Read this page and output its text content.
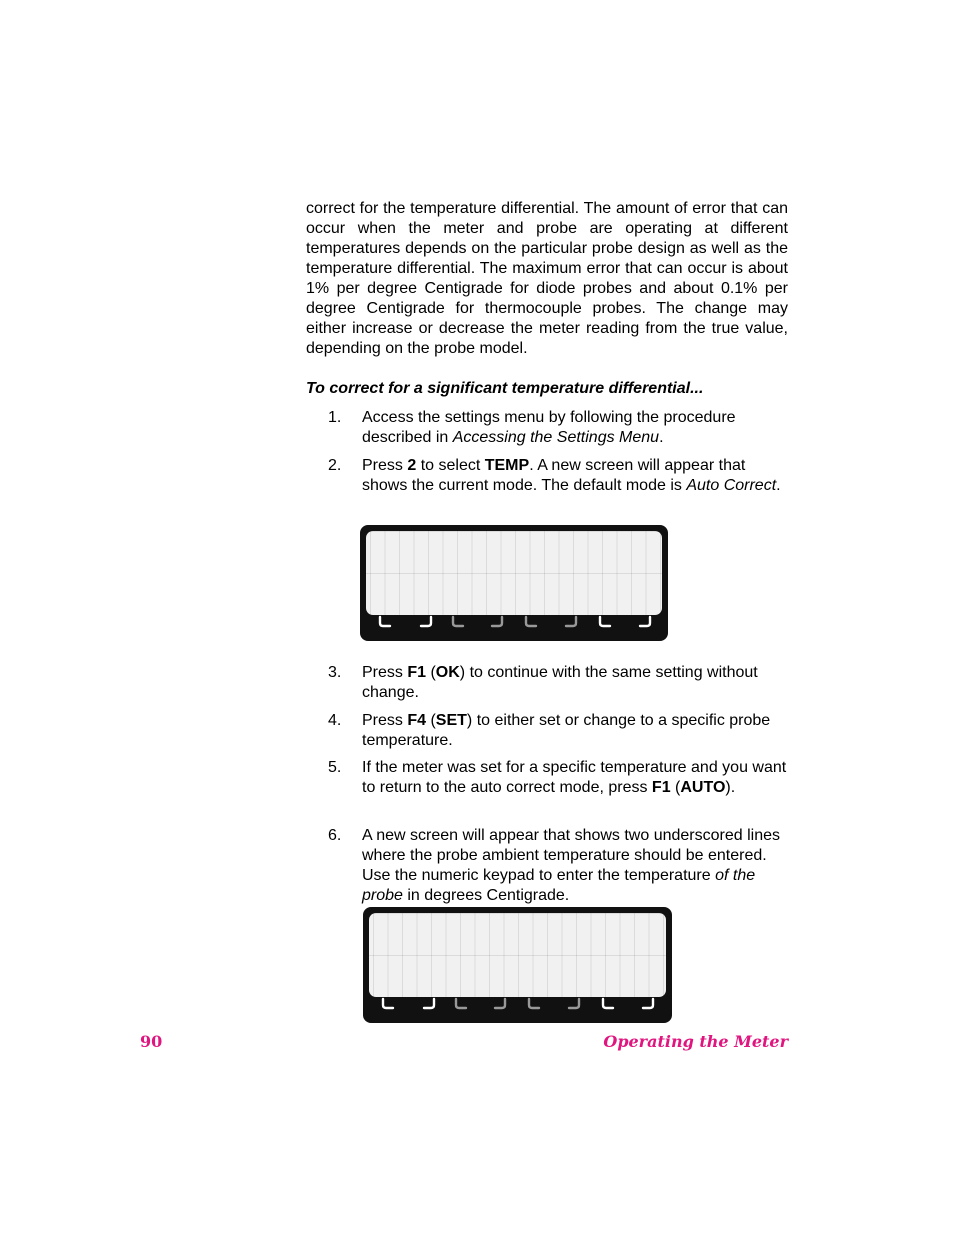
correct for the temperature differential. The amount of error that can occur when the meter and probe are operating at different temperatures depends on the particular probe design as well as the temperature differential. The maximum error that can occur is about 1% per degree Centigrade for diode probes and about 0.1% per degree Centigrade for thermocouple probes. The change may either increase or decrease the meter reading from the true value, depending on the probe model.

To correct for a significant temperature differential...

1. Access the settings menu by following the procedure described in Accessing the Settings Menu.
2. Press 2 to select TEMP. A new screen will appear that shows the current mode. The default mode is Auto Correct.
3. Press F1 (OK) to continue with the same setting without change.
4. Press F4 (SET) to either set or change to a specific probe temperature.
5. If the meter was set for a specific temperature and you want to return to the auto correct mode, press F1 (AUTO).
6. A new screen will appear that shows two underscored lines where the probe ambient temperature should be entered. Use the numeric keypad to enter the temperature of the probe in degrees Centigrade.
90	Operating the Meter
